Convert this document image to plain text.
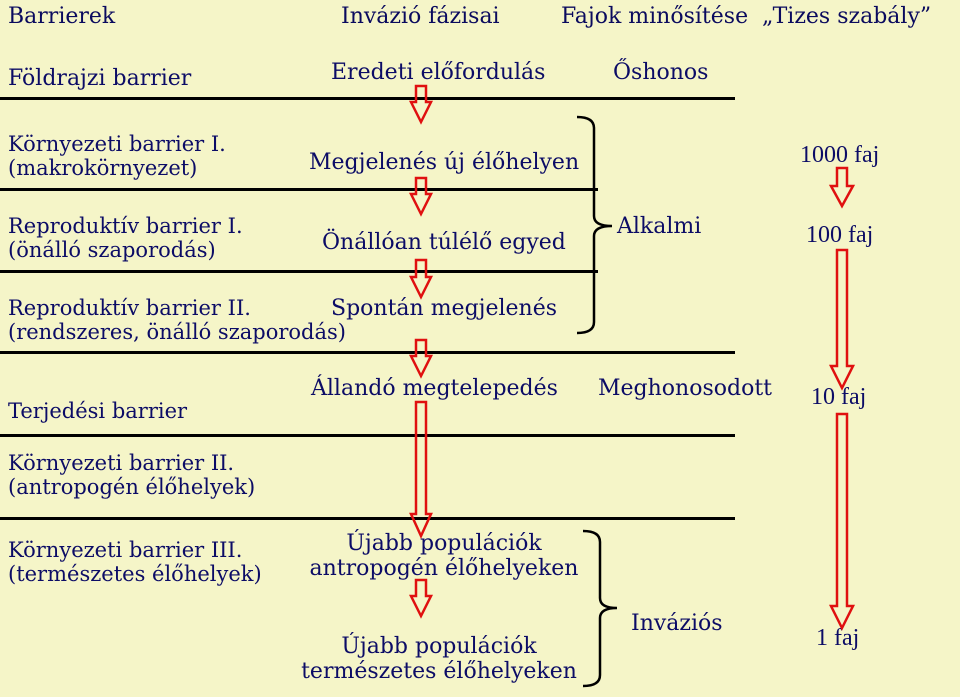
Barrierek	Invázió fázisai	Fajok minősítése „Tizes szabály”
Földrajzi barrier
Környezeti barrier I.
(makrokörnyezet)
Reproduktív barrier I.
(önálló szaporodás)
Reproduktív barrier II.
(rendszeres, önálló szaporodás)
Terjedési barrier
Környezeti barrier II.
(antropogén élőhelyek)
Környezeti barrier III.
(természetes élőhelyek)
Eredeti előfordulás
Megjelenés új élőhelyen
Önállóan túlélő egyed
Spontán megjelenés
Állandó megtelepedés
Újabb populációk
antropogén élőhelyeken
Újabb populációk
természetes élőhelyeken
Őshonos
Alkalmi
Meghonosodott
Inváziós
1000 faj
100 faj
10 faj
1 faj
